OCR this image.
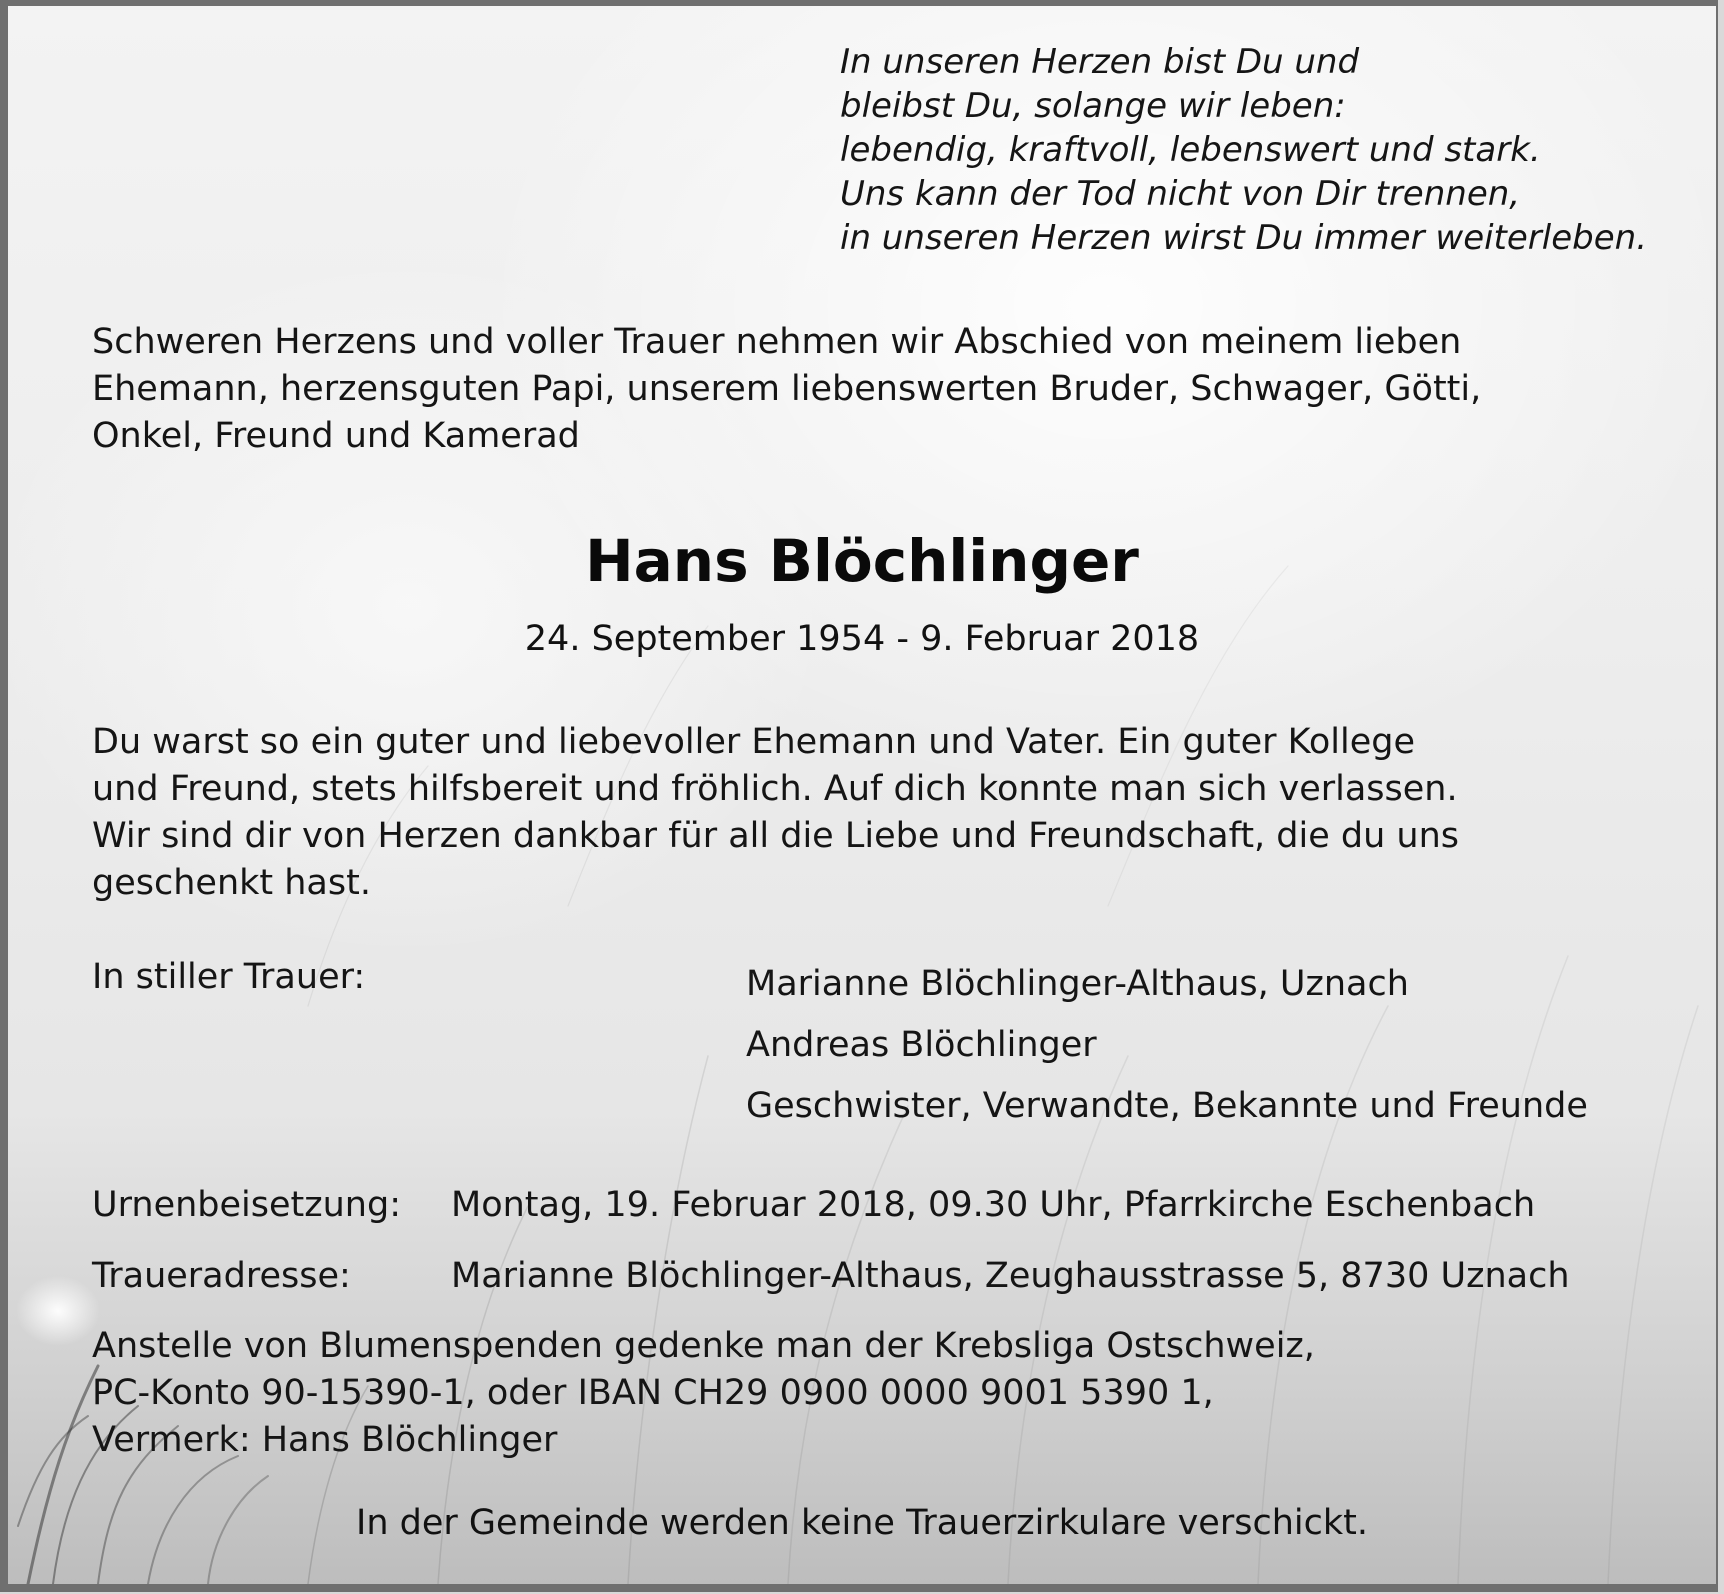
In unseren Herzen bist Du und
bleibst Du, solange wir leben:
lebendig, kraftvoll, lebenswert und stark.
Uns kann der Tod nicht von Dir trennen,
in unseren Herzen wirst Du immer weiterleben.
Schweren Herzens und voller Trauer nehmen wir Abschied von meinem lieben
Ehemann, herzensguten Papi, unserem liebenswerten Bruder, Schwager, Götti,
Onkel, Freund und Kamerad
Hans Blöchlinger

24. September 1954 - 9. Februar 2018

Du warst so ein guter und liebevoller Ehemann und Vater. Ein guter Kollege
und Freund, stets hilfsbereit und fröhlich. Auf dich konnte man sich verlassen.
Wir sind dir von Herzen dankbar für all die Liebe und Freundschaft, die du uns
geschenkt hast.

In stiller Trauer:	Marianne Blöchlinger-Althaus, Uznach
Andreas Blöchlinger
Geschwister, Verwandte, Bekannte und Freunde

Urnenbeisetzung: Montag, 19. Februar 2018, 09.30 Uhr, Pfarrkirche Eschenbach

Traueradresse:	Marianne Blöchlinger-Althaus, Zeughausstrasse 5, 8730 Uznach

Anstelle von Blumenspenden gedenke man der Krebsliga Ostschweiz,
PC-Konto 90-15390-1, oder IBAN CH29 0900 0000 9001 5390 1,
Vermerk: Hans Blöchlinger

In der Gemeinde werden keine Trauerzirkulare verschickt.
